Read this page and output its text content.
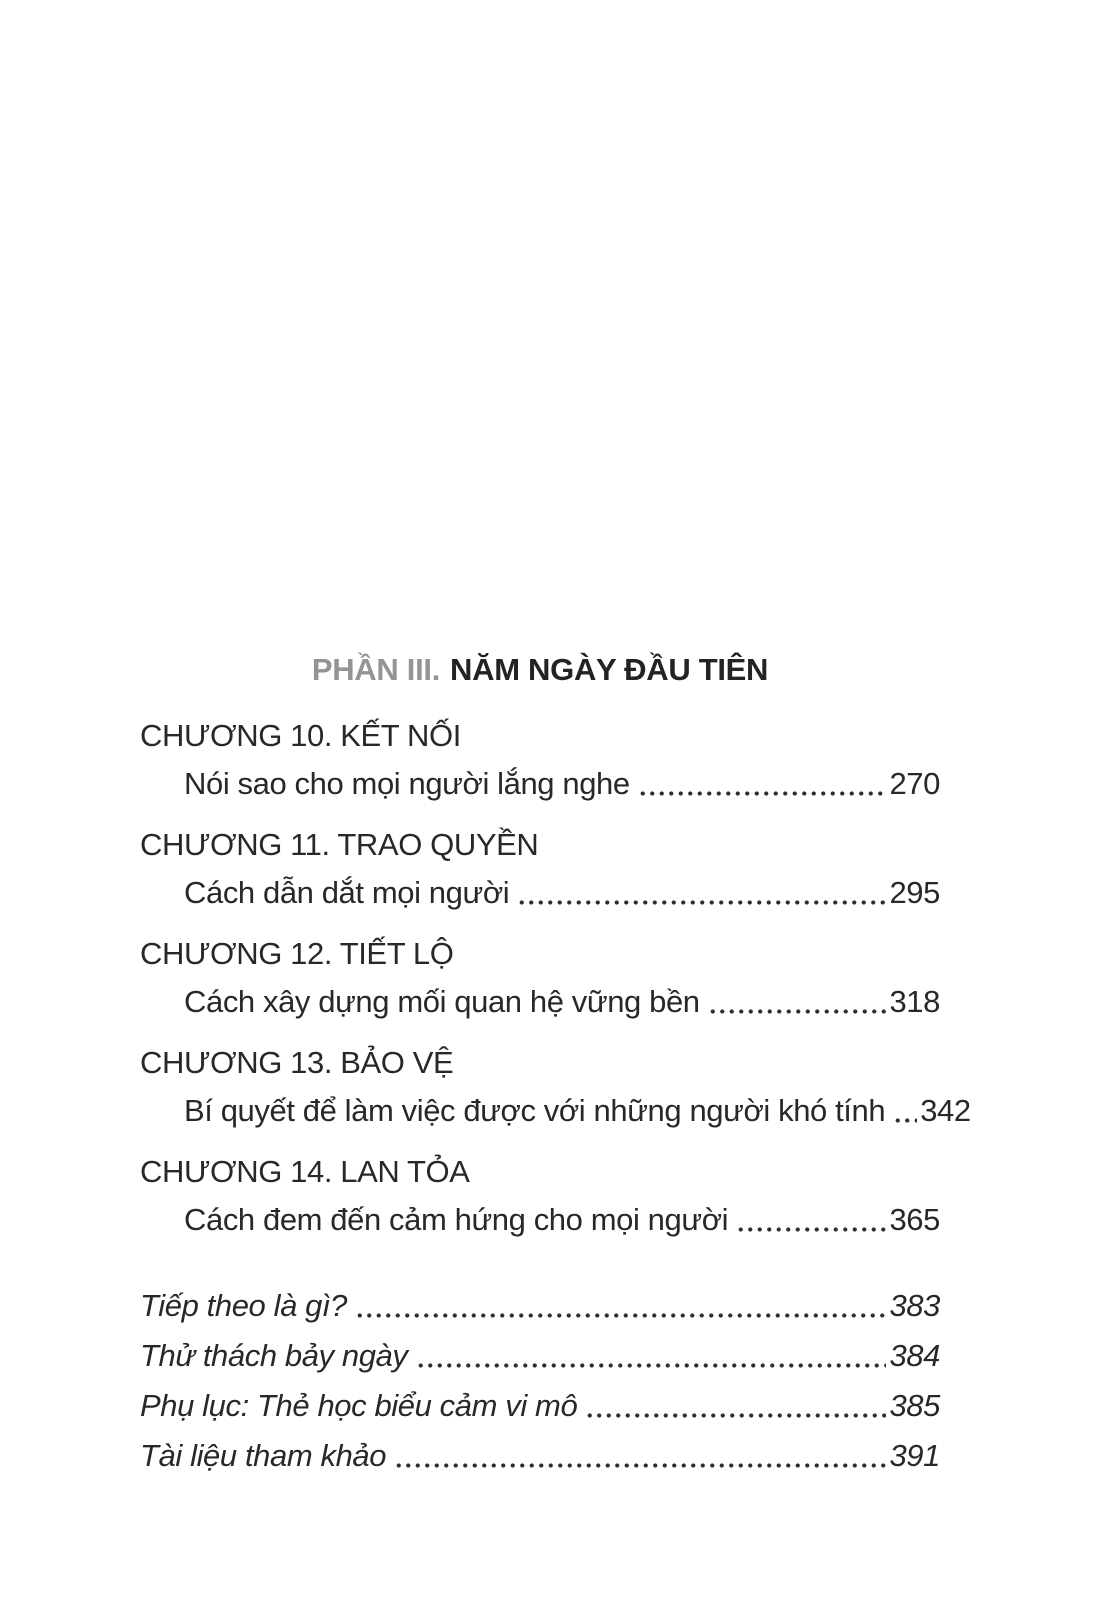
PHẦN III. NĂM NGÀY ĐẦU TIÊN
CHƯƠNG 10. KẾT NỐI
Nói sao cho mọi người lắng nghe	270
CHƯƠNG 11. TRAO QUYỀN
Cách dẫn dắt mọi người	295
CHƯƠNG 12. TIẾT LỘ
Cách xây dựng mối quan hệ vững bền	318
CHƯƠNG 13. BẢO VỆ
Bí quyết để làm việc được với những người khó tính 342
CHƯƠNG 14. LAN TỎA
Cách đem đến cảm hứng cho mọi người	365
Tiếp theo là gì?	383
Thử thách bảy ngày	384
Phụ lục: Thẻ học biểu cảm vi mô	385
Tài liệu tham khảo	391
